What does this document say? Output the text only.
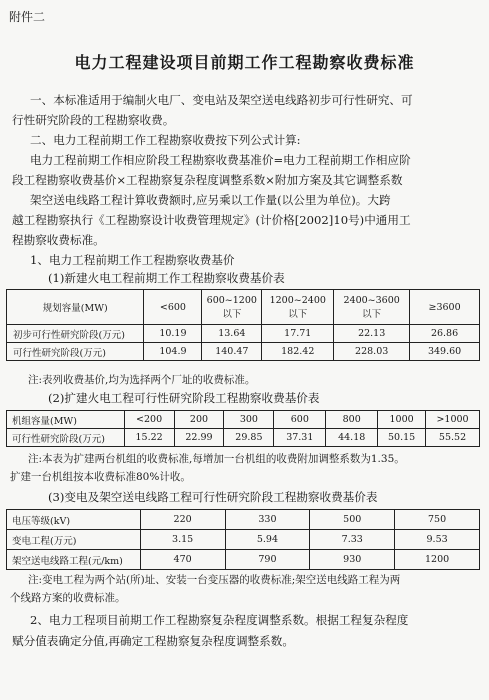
附件二
电力工程建设项目前期工作工程勘察收费标准
一、本标准适用于编制火电厂、变电站及架空送电线路初步可行性研究、可
行性研究阶段的工程勘察收费。
二、电力工程前期工作工程勘察收费按下列公式计算:
电力工程前期工作相应阶段工程勘察收费基准价=电力工程前期工作相应阶
段工程勘察收费基价×工程勘察复杂程度调整系数×附加方案及其它调整系数
架空送电线路工程计算收费额时,应另乘以工作量(以公里为单位)。大跨
越工程勘察执行《工程勘察设计收费管理规定》(计价格[2002]10号)中通用工
程勘察收费标准。
1、电力工程前期工作工程勘察收费基价
(1)新建火电工程前期工作工程勘察收费基价表
规划容量(MW)	<600	600~1200
以下	1200~2400
以下	2400~3600
以下	≥3600
初步可行性研究阶段(万元)	10.19	13.64	17.71	22.13	26.86
可行性研究阶段(万元)	104.9	140.47	182.42	228.03	349.60
注:表列收费基价,均为选择两个厂址的收费标准。
(2)扩建火电工程可行性研究阶段工程勘察收费基价表
机组容量(MW)	<200	200	300	600	800	1000	>1000
可行性研究阶段(万元)	15.22	22.99	29.85	37.31	44.18	50.15	55.52
注:本表为扩建两台机组的收费标准,每增加一台机组的收费附加调整系数为1.35。
扩建一台机组按本收费标准80%计收。
(3)变电及架空送电线路工程可行性研究阶段工程勘察收费基价表
电压等级(kV)	220	330	500	750
变电工程(万元)	3.15	5.94	7.33	9.53
架空送电线路工程(元/km)	470	790	930	1200
注:变电工程为两个站(所)址、安装一台变压器的收费标准;架空送电线路工程为两
个线路方案的收费标准。
2、电力工程项目前期工作工程勘察复杂程度调整系数。根据工程复杂程度
赋分值表确定分值,再确定工程勘察复杂程度调整系数。
